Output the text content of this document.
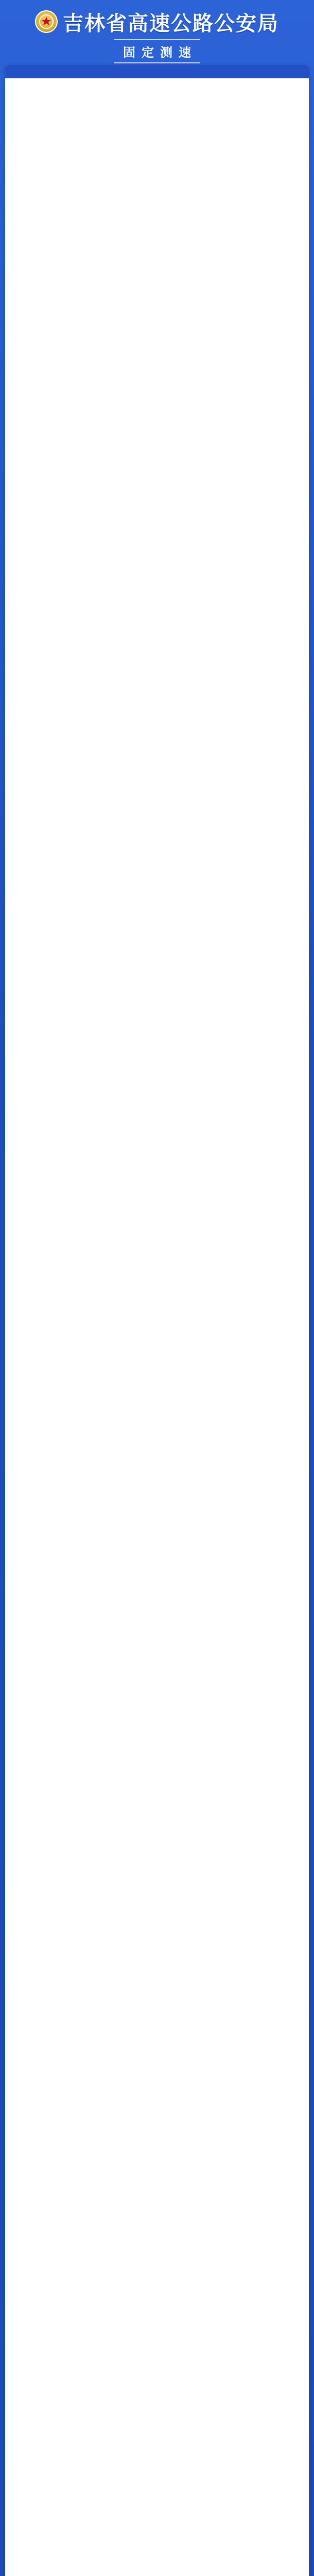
吉林省高速公路公安局
固定测速
